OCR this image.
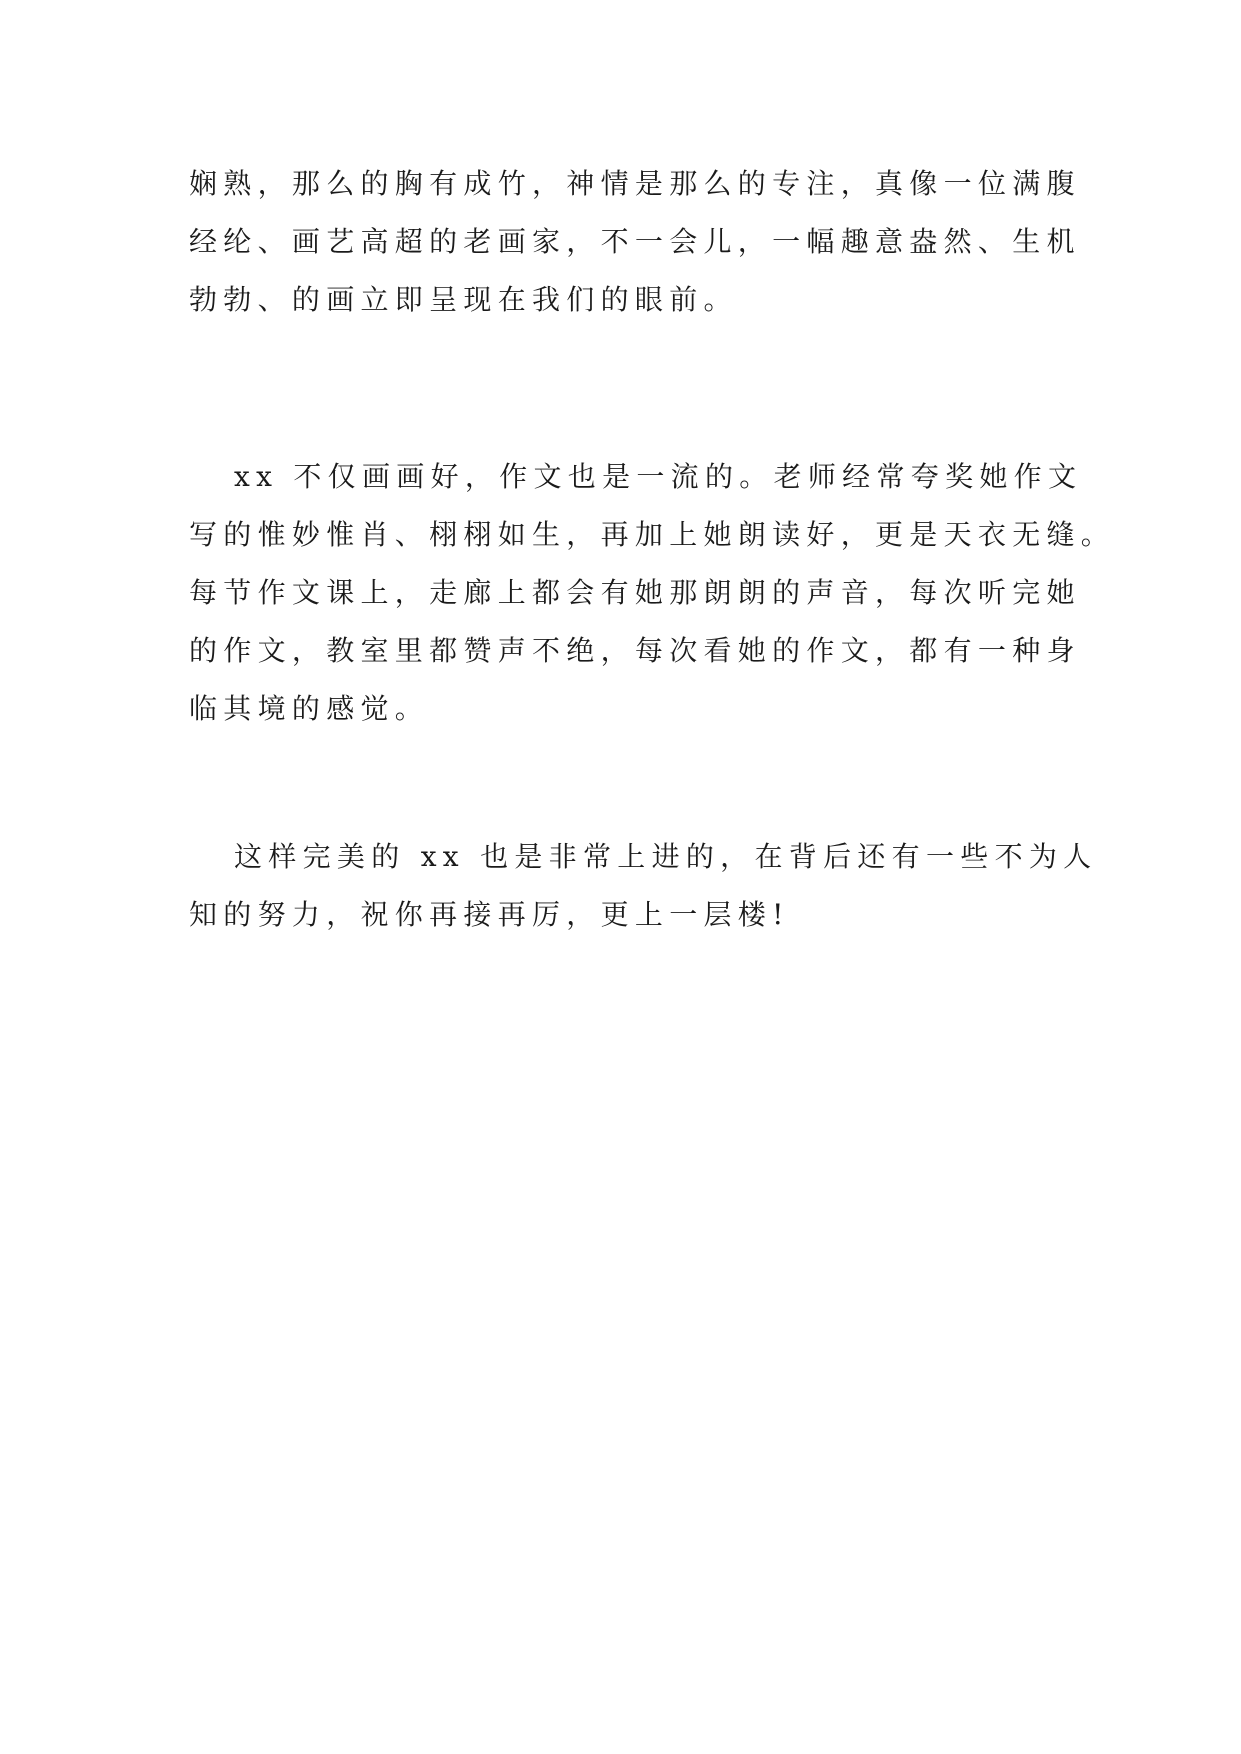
娴熟，那么的胸有成竹，神情是那么的专注，真像一位满腹
经纶、画艺高超的老画家，不一会儿，一幅趣意盎然、生机
勃勃、的画立即呈现在我们的眼前。
xx 不仅画画好，作文也是一流的。老师经常夸奖她作文
写的惟妙惟肖、栩栩如生，再加上她朗读好，更是天衣无缝。
每节作文课上，走廊上都会有她那朗朗的声音，每次听完她
的作文，教室里都赞声不绝，每次看她的作文，都有一种身
临其境的感觉。
这样完美的 xx 也是非常上进的，在背后还有一些不为人
知的努力，祝你再接再厉，更上一层楼!
